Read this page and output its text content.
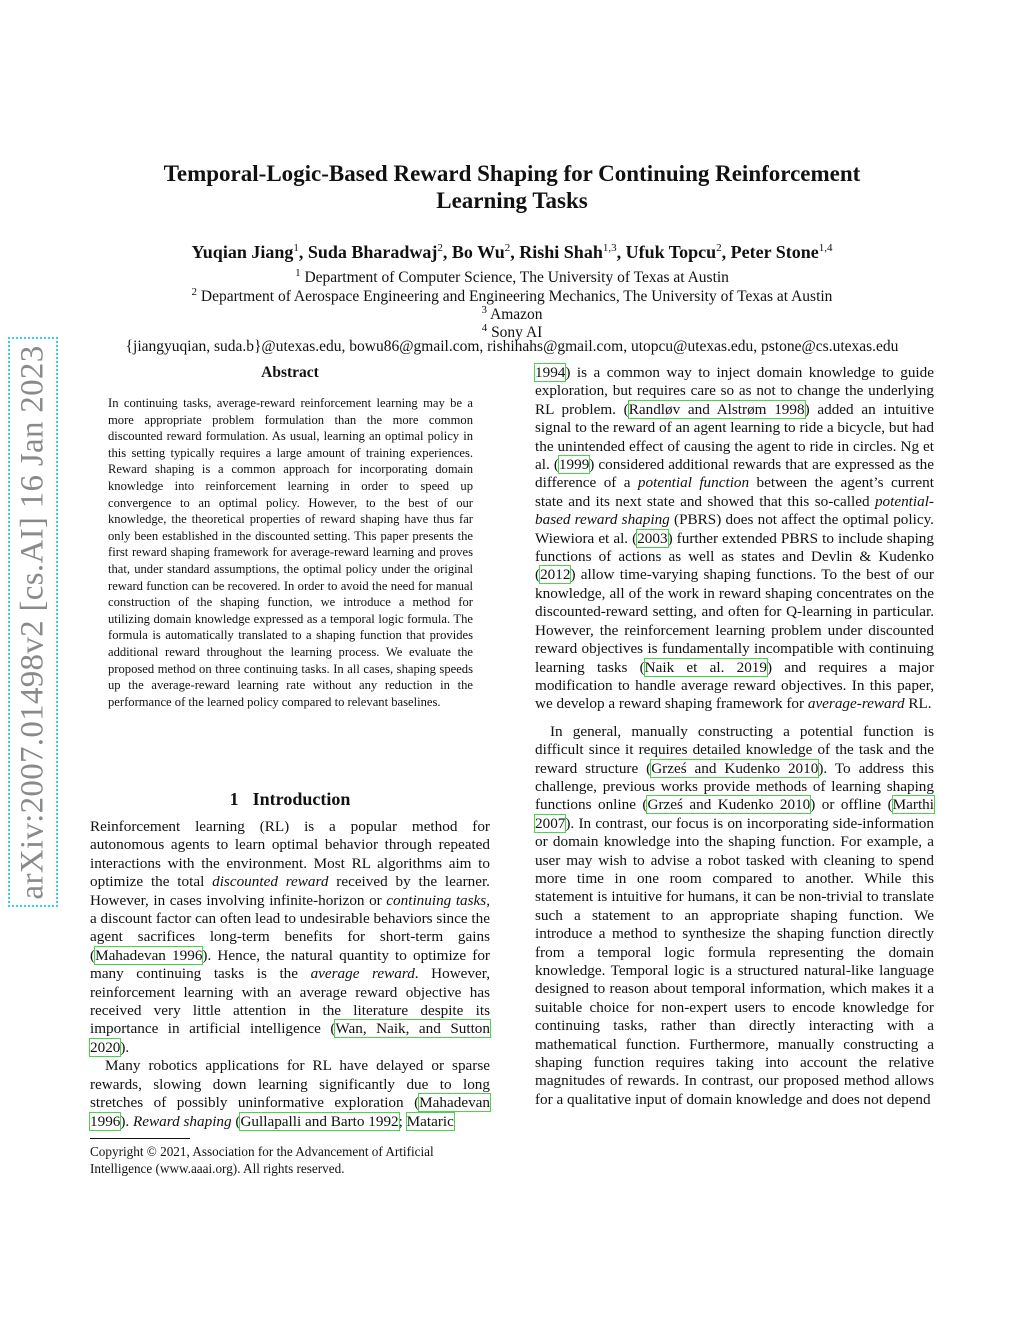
arXiv:2007.01498v2 [cs.AI] 16 Jan 2023
Temporal-Logic-Based Reward Shaping for Continuing Reinforcement Learning Tasks
Yuqian Jiang$^1$, Suda Bharadwaj$^2$, Bo Wu$^2$, Rishi Shah$^{1,3}$, Ufuk Topcu$^2$, Peter Stone$^{1,4}$
$^1$ Department of Computer Science, The University of Texas at Austin
$^2$ Department of Aerospace Engineering and Engineering Mechanics, The University of Texas at Austin
$^3$ Amazon
$^4$ Sony AI
{jiangyuqian, suda.b}@utexas.edu, bowu86@gmail.com, rishihahs@gmail.com, utopcu@utexas.edu, pstone@cs.utexas.edu
Abstract
In continuing tasks, average-reward reinforcement learning may be a more appropriate problem formulation than the more common discounted reward formulation. As usual, learning an optimal policy in this setting typically requires a large amount of training experiences. Reward shaping is a common approach for incorporating domain knowledge into reinforcement learning in order to speed up convergence to an optimal policy. However, to the best of our knowledge, the theoretical properties of reward shaping have thus far only been established in the discounted setting. This paper presents the first reward shaping framework for average-reward learning and proves that, under standard assumptions, the optimal policy under the original reward function can be recovered. In order to avoid the need for manual construction of the shaping function, we introduce a method for utilizing domain knowledge expressed as a temporal logic formula. The formula is automatically translated to a shaping function that provides additional reward throughout the learning process. We evaluate the proposed method on three continuing tasks. In all cases, shaping speeds up the average-reward learning rate without any reduction in the performance of the learned policy compared to relevant baselines.
1 Introduction

Reinforcement learning (RL) is a popular method for autonomous agents to learn optimal behavior through repeated interactions with the environment. Most RL algorithms aim to optimize the total discounted reward received by the learner. However, in cases involving infinite-horizon or continuing tasks, a discount factor can often lead to undesirable behaviors since the agent sacrifices long-term benefits for short-term gains (Mahadevan 1996). Hence, the natural quantity to optimize for many continuing tasks is the average reward. However, reinforcement learning with an average reward objective has received very little attention in the literature despite its importance in artificial intelligence (Wan, Naik, and Sutton 2020).

Many robotics applications for RL have delayed or sparse rewards, slowing down learning significantly due to long stretches of possibly uninformative exploration (Mahadevan 1996). Reward shaping (Gullapalli and Barto 1992; Mataric

Copyright © 2021, Association for the Advancement of Artificial Intelligence (www.aaai.org). All rights reserved.

1994) is a common way to inject domain knowledge to guide exploration, but requires care so as not to change the underlying RL problem. (Randløv and Alstrøm 1998) added an intuitive signal to the reward of an agent learning to ride a bicycle, but had the unintended effect of causing the agent to ride in circles. Ng et al. (1999) considered additional rewards that are expressed as the difference of a potential function between the agent’s current state and its next state and showed that this so-called potential-based reward shaping (PBRS) does not affect the optimal policy. Wiewiora et al. (2003) further extended PBRS to include shaping functions of actions as well as states and Devlin & Kudenko (2012) allow time-varying shaping functions. To the best of our knowledge, all of the work in reward shaping concentrates on the discounted-reward setting, and often for Q-learning in particular. However, the reinforcement learning problem under discounted reward objectives is fundamentally incompatible with continuing learning tasks (Naik et al. 2019) and requires a major modification to handle average reward objectives. In this paper, we develop a reward shaping framework for average-reward RL.

In general, manually constructing a potential function is difficult since it requires detailed knowledge of the task and the reward structure (Grześ and Kudenko 2010). To address this challenge, previous works provide methods of learning shaping functions online (Grześ and Kudenko 2010) or offline (Marthi 2007). In contrast, our focus is on incorporating side-information or domain knowledge into the shaping function. For example, a user may wish to advise a robot tasked with cleaning to spend more time in one room compared to another. While this statement is intuitive for humans, it can be non-trivial to translate such a statement to an appropriate shaping function. We introduce a method to synthesize the shaping function directly from a temporal logic formula representing the domain knowledge. Temporal logic is a structured natural-like language designed to reason about temporal information, which makes it a suitable choice for non-expert users to encode knowledge for continuing tasks, rather than directly interacting with a mathematical function. Furthermore, manually constructing a shaping function requires taking into account the relative magnitudes of rewards. In contrast, our proposed method allows for a qualitative input of domain knowledge and does not depend
